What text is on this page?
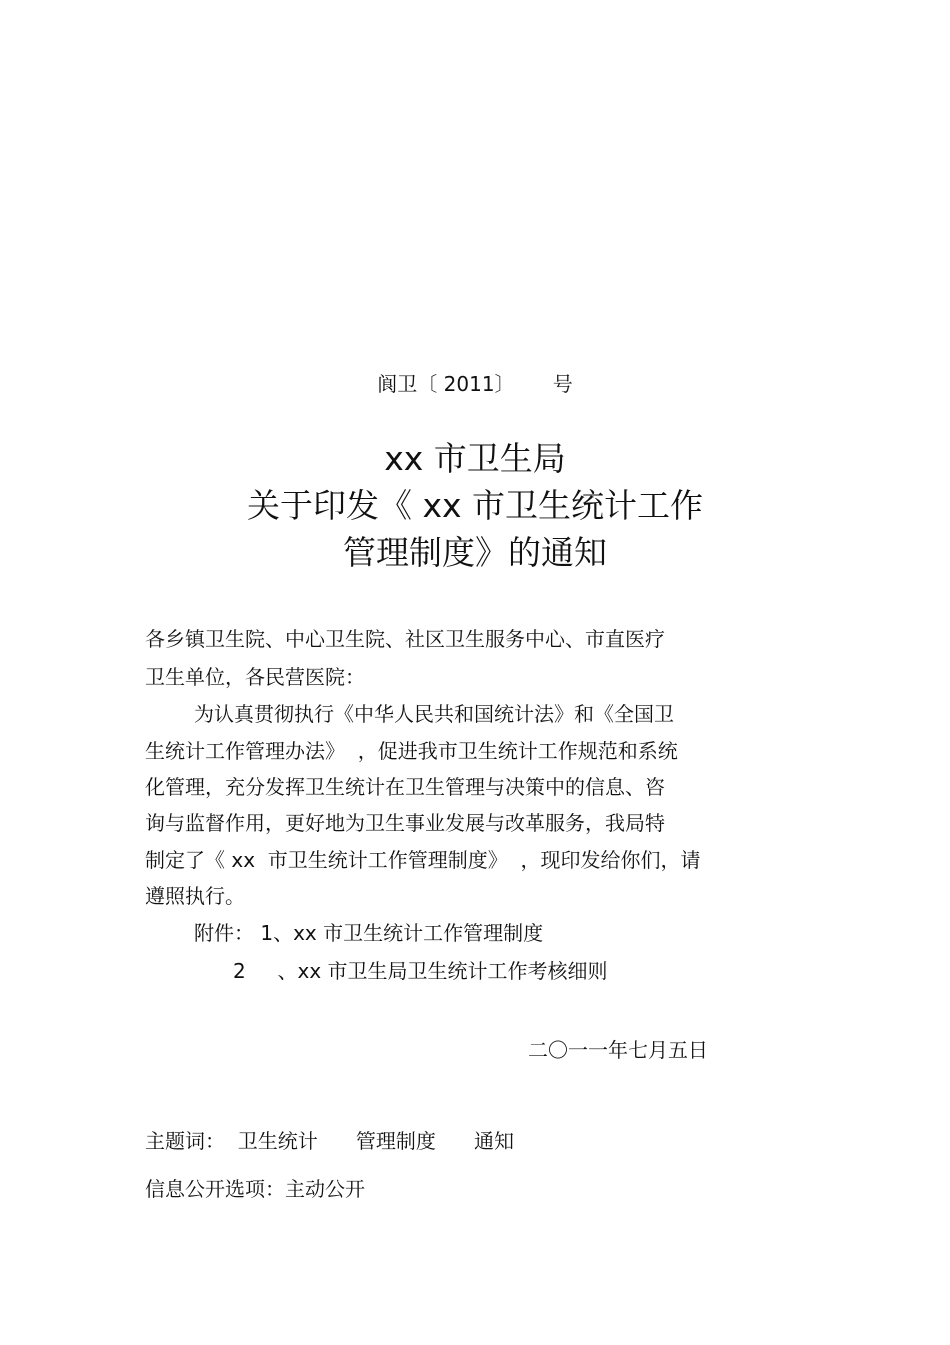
阆卫〔 2011〕      号
xx 市卫生局
关于印发《 xx 市卫生统计工作
管理制度》的通知
各乡镇卫生院、中心卫生院、社区卫生服务中心、市直医疗
卫生单位，各民营医院：
为认真贯彻执行《中华人民共和国统计法》和《全国卫
生统计工作管理办法》  ，促进我市卫生统计工作规范和系统
化管理，充分发挥卫生统计在卫生管理与决策中的信息、咨
询与监督作用，更好地为卫生事业发展与改革服务，我局特
制定了《 xx  市卫生统计工作管理制度》  ，现印发给你们，请
遵照执行。
附件： 1、xx 市卫生统计工作管理制度
2     、xx 市卫生局卫生统计工作考核细则
二〇一一年七月五日
主题词：  卫生统计      管理制度      通知
信息公开选项：主动公开
